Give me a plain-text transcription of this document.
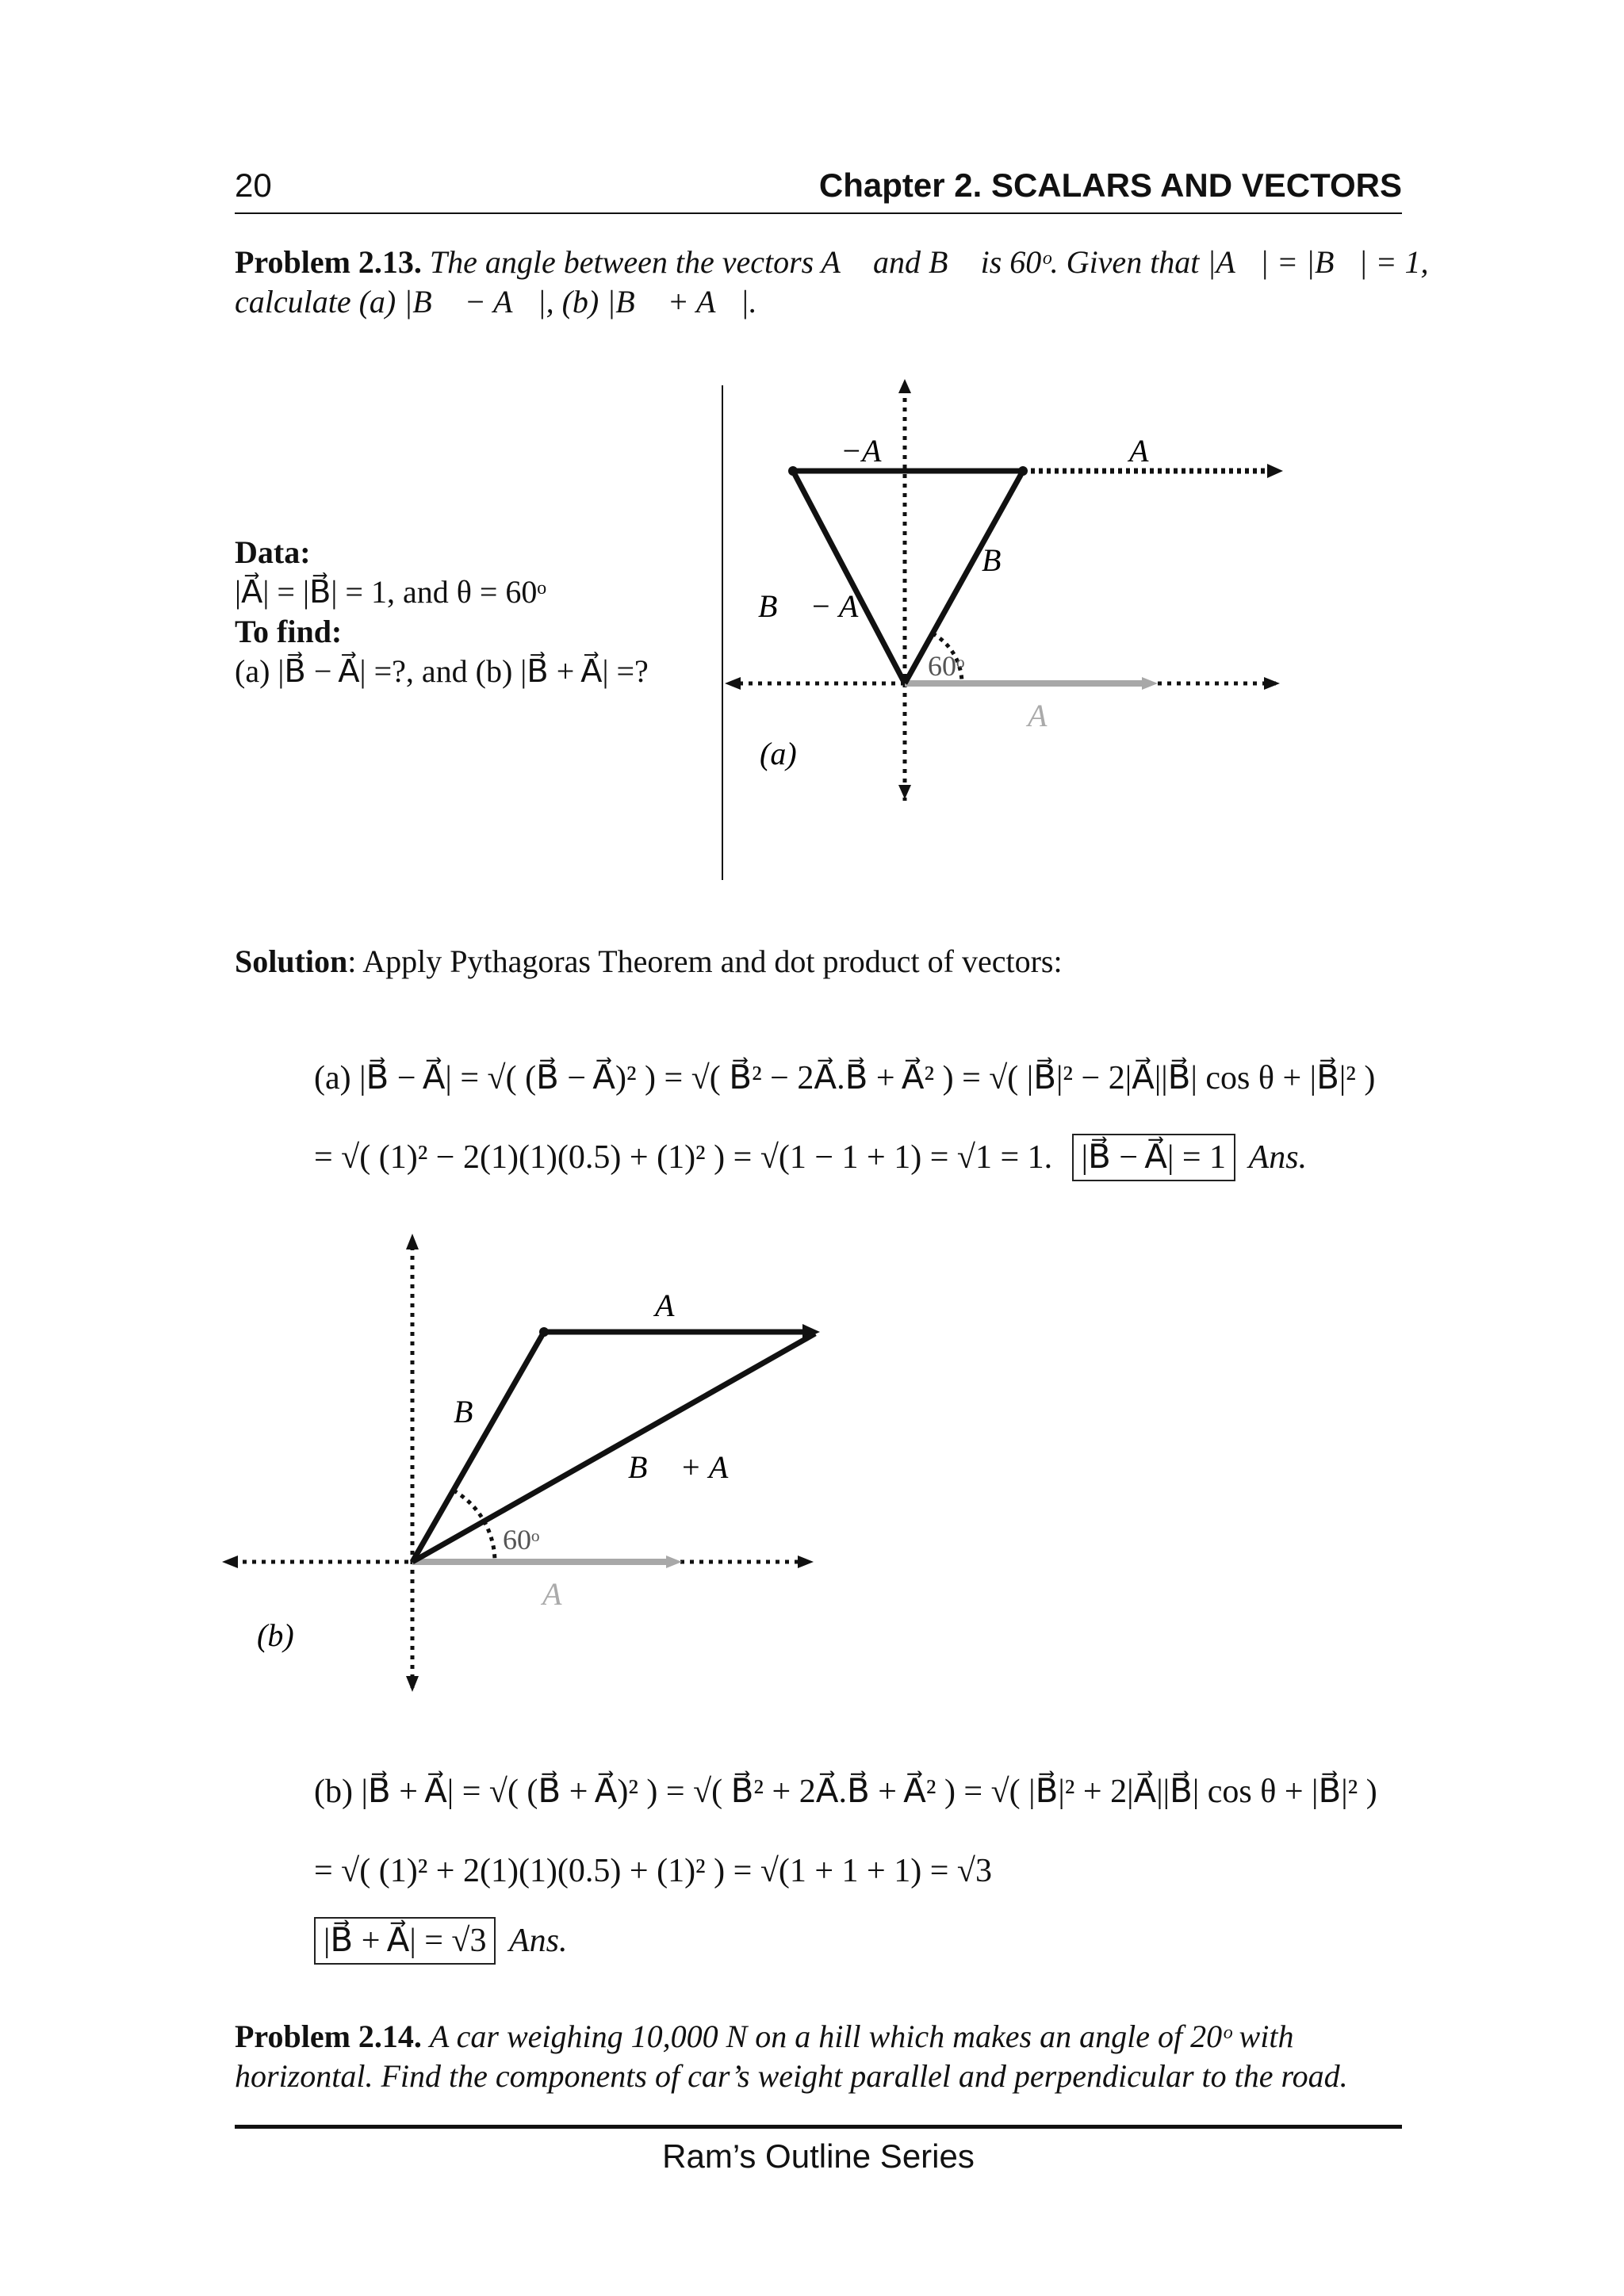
20	Chapter 2. SCALARS AND VECTORS
Problem 2.13. The angle between the vectors A⃗ and B⃗ is 60ᵒ. Given that |A⃗| = |B⃗| = 1,
calculate (a) |B⃗ − A⃗|, (b) |B⃗ + A⃗|.
Data:
|A⃗| = |B⃗| = 1, and θ = 60ᵒ
To find:
(a) |B⃗ − A⃗| =?, and (b) |B⃗ + A⃗| =?
−A⃗	A⃗
B⃗
B⃗ − A⃗
60ᵒ
A⃗
(a)
Solution: Apply Pythagoras Theorem and dot product of vectors:
(a) |B⃗ − A⃗| = √( (B⃗ − A⃗)² ) = √( B⃗² − 2A⃗.B⃗ + A⃗² ) = √( |B⃗|² − 2|A⃗||B⃗| cos θ + |B⃗|² )
= √( (1)² − 2(1)(1)(0.5) + (1)² ) = √(1 − 1 + 1) = √1 = 1. |B⃗ − A⃗| = 1 Ans.
A⃗
B⃗
B⃗ + A⃗
60ᵒ
A⃗
(b)
(b) |B⃗ + A⃗| = √( (B⃗ + A⃗)² ) = √( B⃗² + 2A⃗.B⃗ + A⃗² ) = √( |B⃗|² + 2|A⃗||B⃗| cos θ + |B⃗|² )
= √( (1)² + 2(1)(1)(0.5) + (1)² ) = √(1 + 1 + 1) = √3
|B⃗ + A⃗| = √3 Ans.
Problem 2.14. A car weighing 10,000 N on a hill which makes an angle of 20ᵒ with
horizontal. Find the components of car’s weight parallel and perpendicular to the road.
Ram’s Outline Series
